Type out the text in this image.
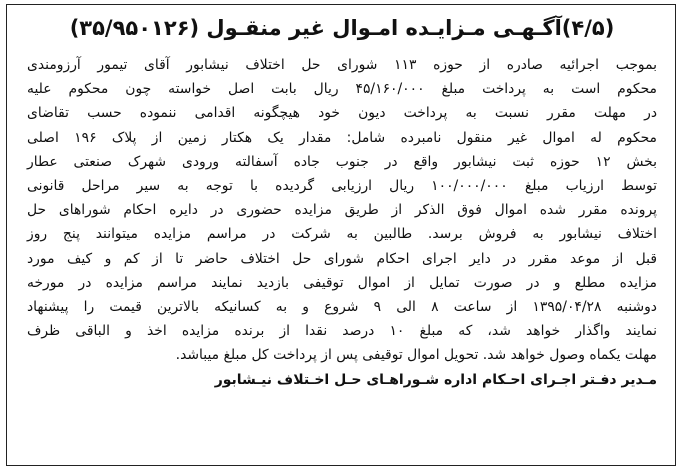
(۴/۵)آگـهـی مـزایـده امـوال غیر منقـول (۳۵/۹۵۰۱۲۶)
بموجب اجرائیه صادره از حوزه ۱۱۳ شورای حل اختلاف نیشابور آقای تیمور آرزومندی
محکوم است به پرداخت مبلغ ۴۵/۱۶۰/۰۰۰ ریال بابت اصل خواسته چون محکوم علیه
در مهلت مقرر نسبت به پرداخت دیون خود هیچگونه اقدامی ننموده حسب تقاضای
محکوم له اموال غیر منقول نامبرده شامل: مقدار یک هکتار زمین از پلاک ۱۹۶ اصلی
بخش ۱۲ حوزه ثبت نیشابور واقع در جنوب جاده آسفالته ورودی شهرک صنعتی عطار
توسط ارزیاب مبلغ ۱۰۰/۰۰۰/۰۰۰ ریال ارزیابی گردیده با توجه به سیر مراحل قانونی
پرونده مقرر شده اموال فوق الذکر از طریق مزایده حضوری در دایره احکام شوراهای حل
اختلاف نیشابور به فروش برسد. طالبین به شرکت در مراسم مزایده میتوانند پنج روز
قبل از موعد مقرر در دایر اجرای احکام شورای حل اختلاف حاضر تا از کم و کیف مورد
مزایده مطلع و در صورت تمایل از اموال توقیفی بازدید نمایند مراسم مزایده در مورخه
دوشنبه ۱۳۹۵/۰۴/۲۸ از ساعت ۸ الی ۹ شروع و به کسانیکه بالاترین قیمت را پیشنهاد
نمایند واگذار خواهد شد، که مبلغ ۱۰ درصد نقدا از برنده مزایده اخذ و الباقی ظرف
مهلت یکماه وصول خواهد شد. تحویل اموال توقیفی پس از پرداخت کل مبلغ میباشد.
مـدیر دفـتر اجـرای احـکام اداره شـوراهـای حـل اخـتلاف نیـشابور
